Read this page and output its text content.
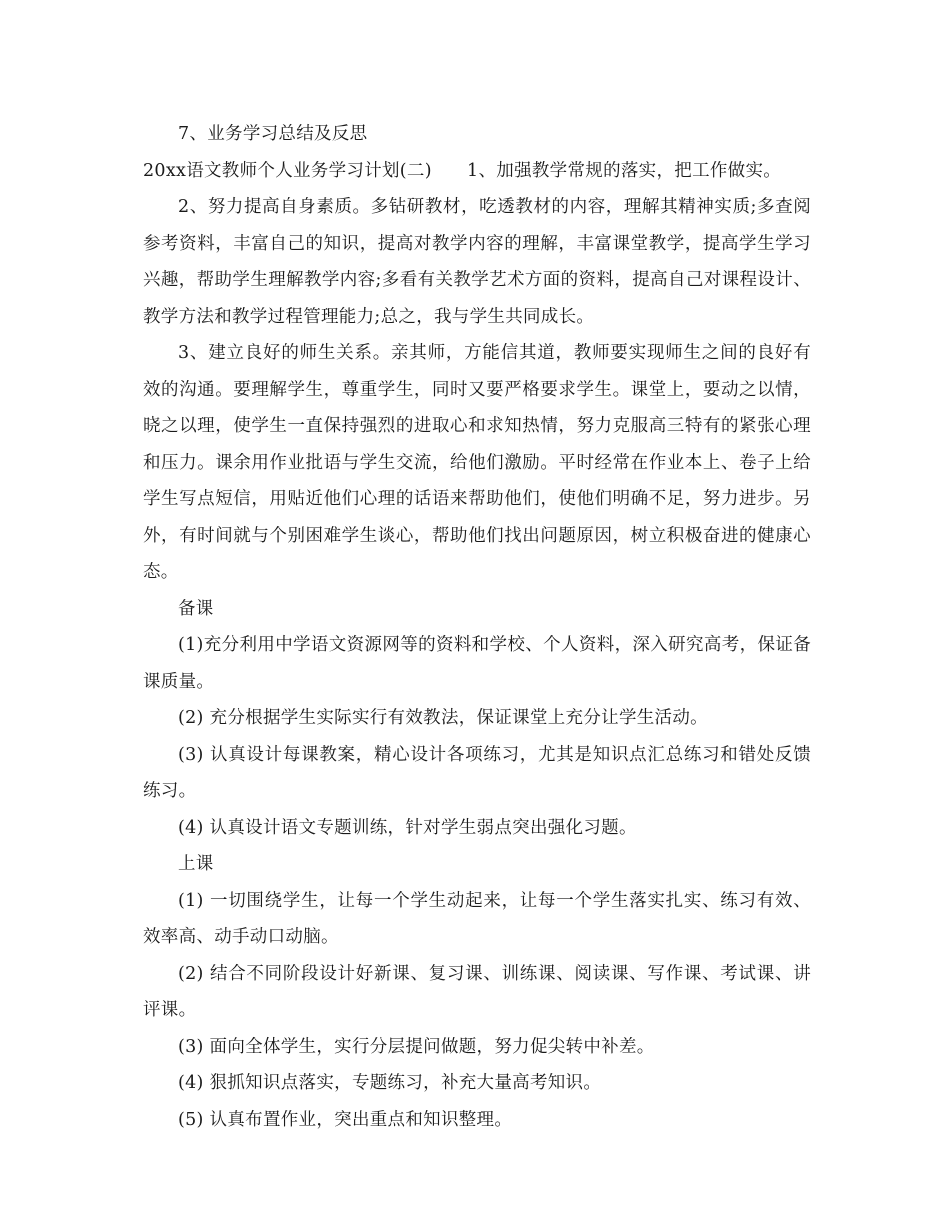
7、业务学习总结及反思

20xx语文教师个人业务学习计划(二)      1、加强教学常规的落实，把工作做实。

2、努力提高自身素质。多钻研教材，吃透教材的内容，理解其精神实质;多查阅参考资料，丰富自己的知识，提高对教学内容的理解，丰富课堂教学，提高学生学习兴趣，帮助学生理解教学内容;多看有关教学艺术方面的资料，提高自己对课程设计、教学方法和教学过程管理能力;总之，我与学生共同成长。

3、建立良好的师生关系。亲其师，方能信其道，教师要实现师生之间的良好有效的沟通。要理解学生，尊重学生，同时又要严格要求学生。课堂上，要动之以情，晓之以理，使学生一直保持强烈的进取心和求知热情，努力克服高三特有的紧张心理和压力。课余用作业批语与学生交流，给他们激励。平时经常在作业本上、卷子上给学生写点短信，用贴近他们心理的话语来帮助他们，使他们明确不足，努力进步。另外，有时间就与个别困难学生谈心，帮助他们找出问题原因，树立积极奋进的健康心态。

备课

(1)充分利用中学语文资源网等的资料和学校、个人资料，深入研究高考，保证备课质量。

(2) 充分根据学生实际实行有效教法，保证课堂上充分让学生活动。

(3) 认真设计每课教案，精心设计各项练习，尤其是知识点汇总练习和错处反馈练习。

(4) 认真设计语文专题训练，针对学生弱点突出强化习题。

上课

(1) 一切围绕学生，让每一个学生动起来，让每一个学生落实扎实、练习有效、效率高、动手动口动脑。

(2) 结合不同阶段设计好新课、复习课、训练课、阅读课、写作课、考试课、讲评课。

(3) 面向全体学生，实行分层提问做题，努力促尖转中补差。

(4) 狠抓知识点落实，专题练习，补充大量高考知识。

(5) 认真布置作业，突出重点和知识整理。
